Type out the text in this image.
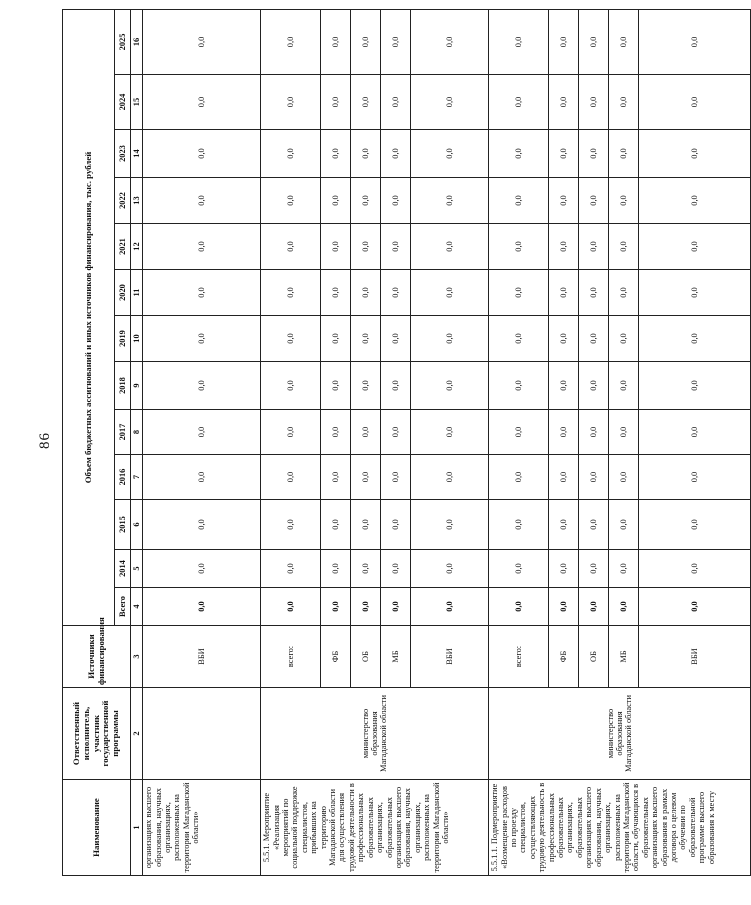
86
Наименование	Ответственный исполнитель, участник государственной программы	Источники финансирования	Объем бюджетных ассигнований и иных источников финансирования, тыс. рублей												
			Всего	2014	2015	2016	2017	2018	2019	2020	2021	2022	2023	2024	2025
1	2	3	4	5	6	7	8	9	10	11	12	13	14	15	16
организациях высшего образования, научных организациях, расположенных на территории Магаданской области»		ВБИ	0,0	0,0	0,0	0,0	0,0	0,0	0,0	0,0	0,0	0,0	0,0	0,0	0,0
5.5.1. Мероприятие «Реализация мероприятий по социальной поддержке специалистов, прибывших на территорию Магаданской области для осуществления трудовой деятельности в профессиональных образовательных организациях, образовательных организациях высшего образования, научных организациях, расположенных на территории Магаданской области»	министерство образования Магаданской области	всего:	0,0	0,0	0,0	0,0	0,0	0,0	0,0	0,0	0,0	0,0	0,0	0,0	0,0
		ФБ	0,0	0,0	0,0	0,0	0,0	0,0	0,0	0,0	0,0	0,0	0,0	0,0	0,0
		ОБ	0,0	0,0	0,0	0,0	0,0	0,0	0,0	0,0	0,0	0,0	0,0	0,0	0,0
		МБ	0,0	0,0	0,0	0,0	0,0	0,0	0,0	0,0	0,0	0,0	0,0	0,0	0,0
		ВБИ	0,0	0,0	0,0	0,0	0,0	0,0	0,0	0,0	0,0	0,0	0,0	0,0	0,0
5.5.1.1. Подмероприятие «Возмещение расходов по проезду специалистов, осуществляющих трудовую деятельность в профессиональных образовательных организациях, образовательных организациях высшего образования, научных организациях, расположенных на территории Магаданской области, обучающихся в образовательных организациях высшего образования в рамках договора о целевом обучении по образовательной программе высшего образования к месту	министерство образования Магаданской области	всего:	0,0	0,0	0,0	0,0	0,0	0,0	0,0	0,0	0,0	0,0	0,0	0,0	0,0
		ФБ	0,0	0,0	0,0	0,0	0,0	0,0	0,0	0,0	0,0	0,0	0,0	0,0	0,0
		ОБ	0,0	0,0	0,0	0,0	0,0	0,0	0,0	0,0	0,0	0,0	0,0	0,0	0,0
		МБ	0,0	0,0	0,0	0,0	0,0	0,0	0,0	0,0	0,0	0,0	0,0	0,0	0,0
		ВБИ	0,0	0,0	0,0	0,0	0,0	0,0	0,0	0,0	0,0	0,0	0,0	0,0	0,0
